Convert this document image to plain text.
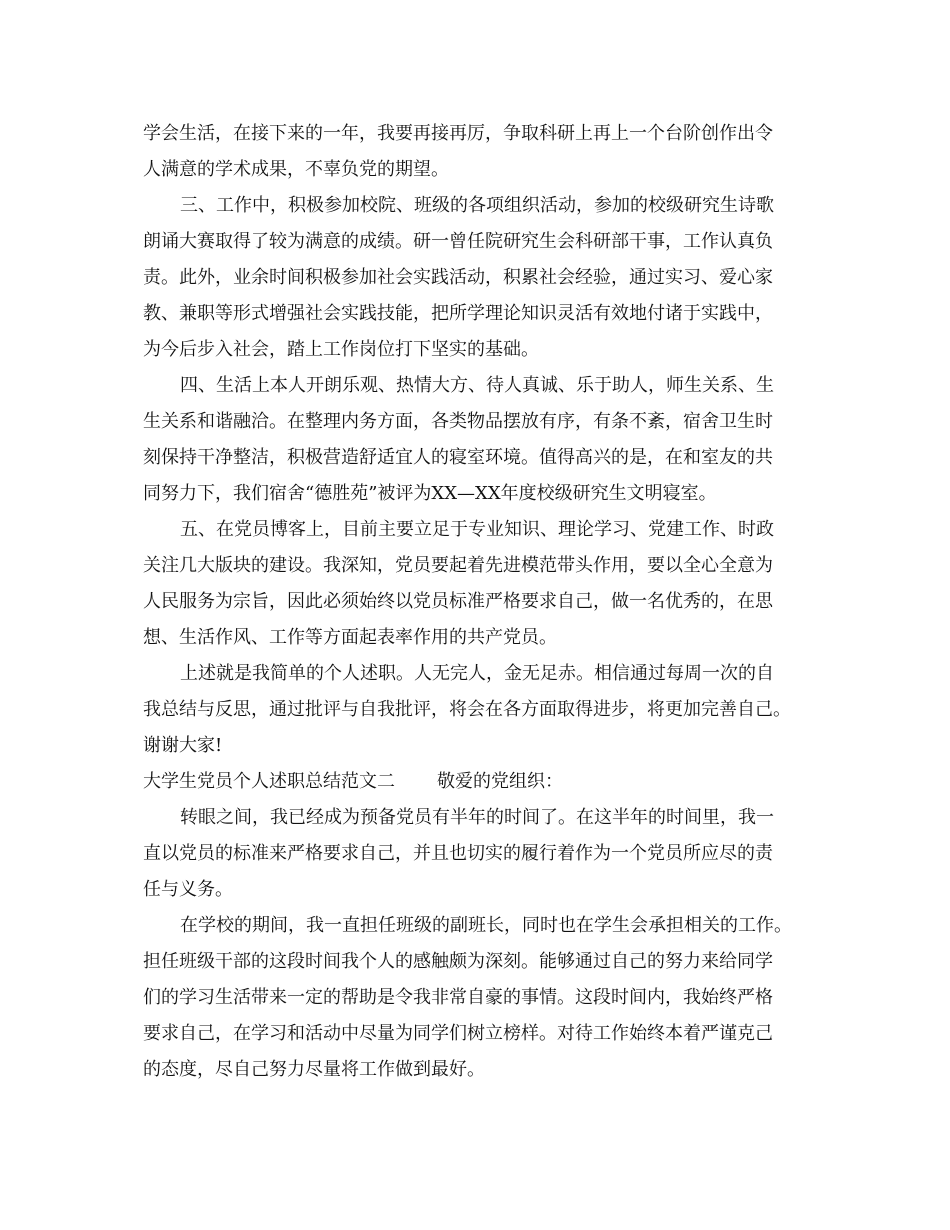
学会生活，在接下来的一年，我要再接再厉，争取科研上再上一个台阶创作出令
人满意的学术成果，不辜负党的期望。
三、工作中，积极参加校院、班级的各项组织活动，参加的校级研究生诗歌
朗诵大赛取得了较为满意的成绩。研一曾任院研究生会科研部干事，工作认真负
责。此外，业余时间积极参加社会实践活动，积累社会经验，通过实习、爱心家
教、兼职等形式增强社会实践技能，把所学理论知识灵活有效地付诸于实践中，
为今后步入社会，踏上工作岗位打下坚实的基础。
四、生活上本人开朗乐观、热情大方、待人真诚、乐于助人，师生关系、生
生关系和谐融洽。在整理内务方面，各类物品摆放有序，有条不紊，宿舍卫生时
刻保持干净整洁，积极营造舒适宜人的寝室环境。值得高兴的是，在和室友的共
同努力下，我们宿舍“德胜苑”被评为XX—XX年度校级研究生文明寝室。
五、在党员博客上，目前主要立足于专业知识、理论学习、党建工作、时政
关注几大版块的建设。我深知，党员要起着先进模范带头作用，要以全心全意为
人民服务为宗旨，因此必须始终以党员标准严格要求自己，做一名优秀的，在思
想、生活作风、工作等方面起表率作用的共产党员。
上述就是我简单的个人述职。人无完人，金无足赤。相信通过每周一次的自
我总结与反思，通过批评与自我批评，将会在各方面取得进步，将更加完善自己。
谢谢大家!
大学生党员个人述职总结范文二 敬爱的党组织：
转眼之间，我已经成为预备党员有半年的时间了。在这半年的时间里，我一
直以党员的标准来严格要求自己，并且也切实的履行着作为一个党员所应尽的责
任与义务。
在学校的期间，我一直担任班级的副班长，同时也在学生会承担相关的工作。
担任班级干部的这段时间我个人的感触颇为深刻。能够通过自己的努力来给同学
们的学习生活带来一定的帮助是令我非常自豪的事情。这段时间内，我始终严格
要求自己，在学习和活动中尽量为同学们树立榜样。对待工作始终本着严谨克己
的态度，尽自己努力尽量将工作做到最好。
